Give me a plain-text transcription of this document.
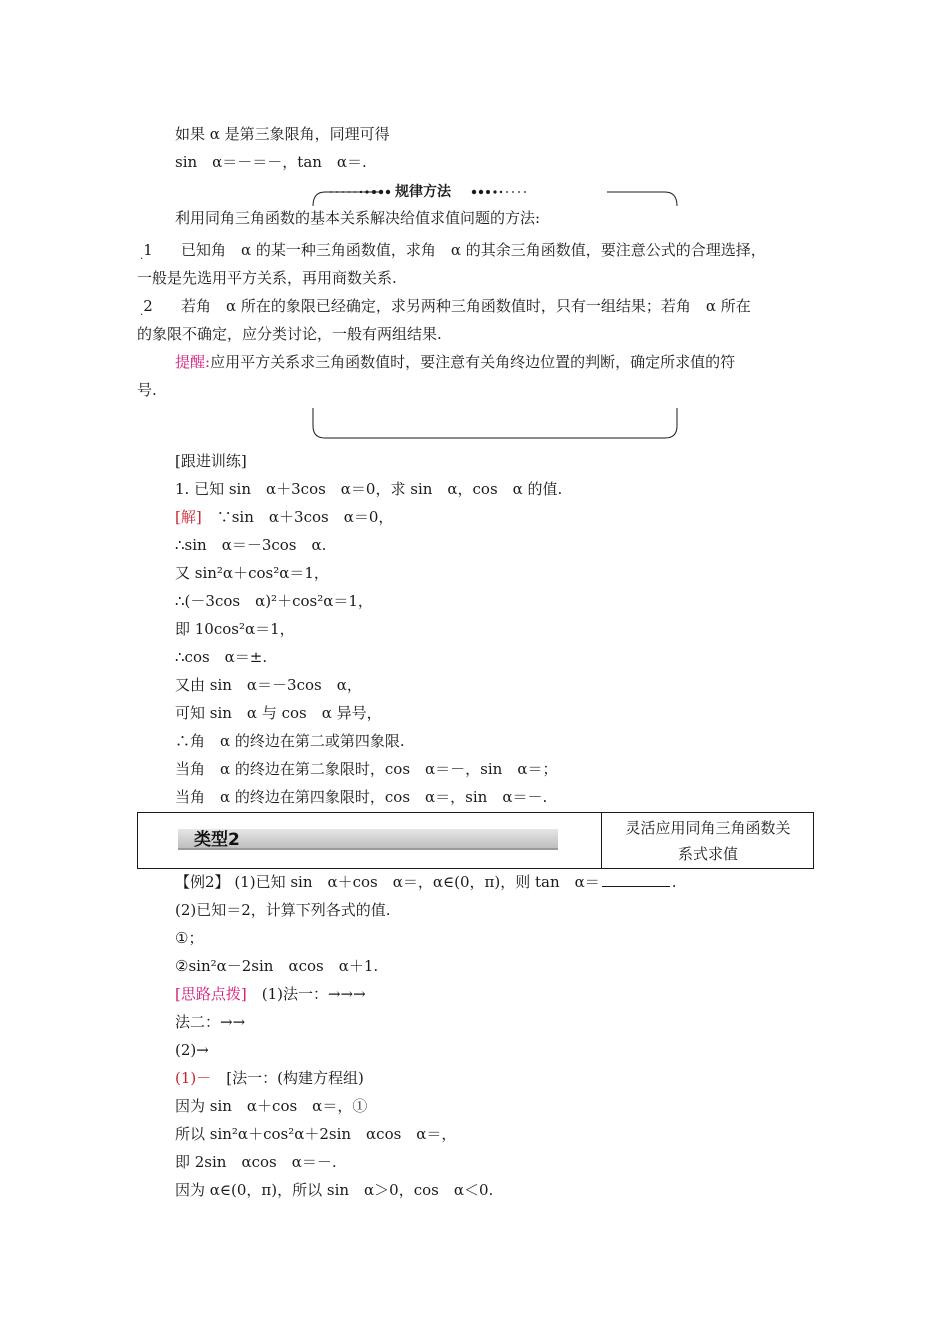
如果 α 是第三象限角，同理可得
sin　α＝－＝－，tan　α＝.
规律方法
利用同角三角函数的基本关系解决给值求值问题的方法:
$_.$1 已知角　α 的某一种三角函数值，求角　α 的其余三角函数值，要注意公式的合理选择，
一般是先选用平方关系，再用商数关系.
$_.$2 若角　α 所在的象限已经确定，求另两种三角函数值时，只有一组结果；若角　α 所在
的象限不确定，应分类讨论，一般有两组结果.
提醒:应用平方关系求三角函数值时，要注意有关角终边位置的判断，确定所求值的符
号.
[跟进训练]
1. 已知 sin　α＋3cos　α＝0，求 sin　α，cos　α 的值.
[解]　 ∵sin　α＋3cos　α＝0，
∴sin　α＝－3cos　α.
又 sin²α＋cos²α＝1，
∴(－3cos　α)²＋cos²α＝1，
即 10cos²α＝1，
∴cos　α＝±.
又由 sin　α＝－3cos　α，
可知 sin　α 与 cos　α 异号，
∴角　α 的终边在第二或第四象限.
当角　α 的终边在第二象限时，cos　α＝－，sin　α＝；
当角　α 的终边在第四象限时，cos　α＝，sin　α＝－.
类型2
灵活应用同角三角函数关
系式求值
【例2】 (1)已知 sin　α＋cos　α＝，α∈(0，π)，则 tan　α＝	.
(2)已知＝2，计算下列各式的值.
①；
②sin²α－2sin　αcos　α＋1.
[思路点拨]　 (1)法一：→→→
法二：→→
(2)→
(1)－　 [法一：(构建方程组)
因为 sin　α＋cos　α＝，①
所以 sin²α＋cos²α＋2sin　αcos　α＝，
即 2sin　αcos　α＝－.
因为 α∈(0，π)，所以 sin　α＞0，cos　α＜0.
